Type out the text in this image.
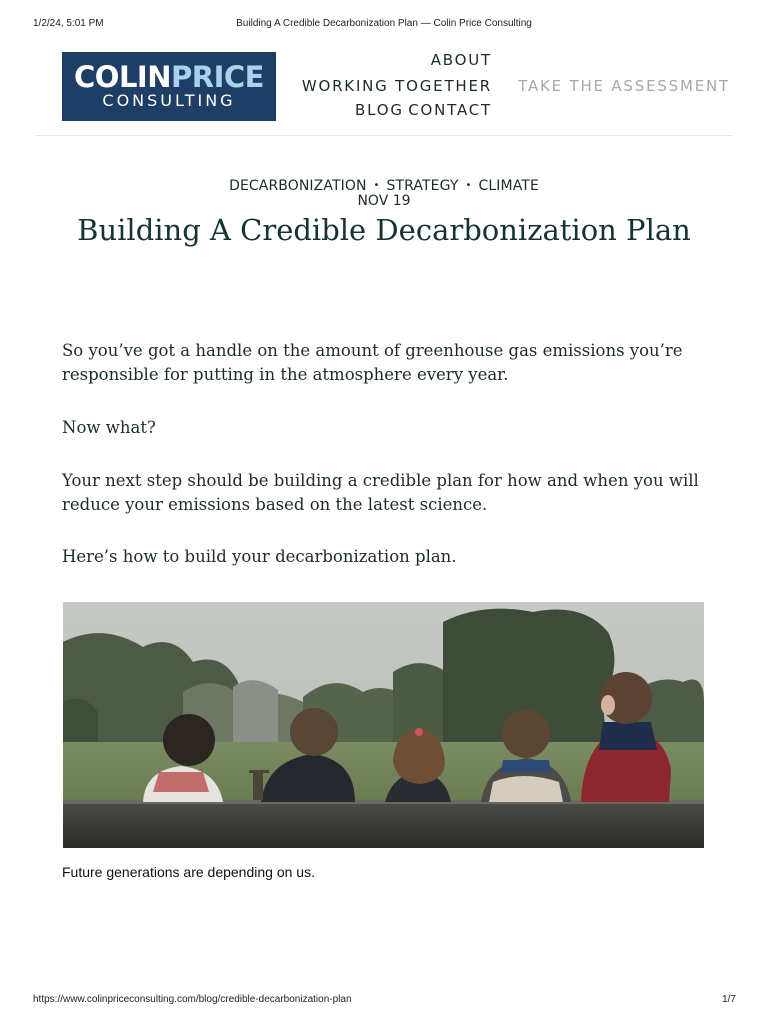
1/2/24, 5:01 PM	Building A Credible Decarbonization Plan — Colin Price Consulting
COLINPRICE
CONSULTING
ABOUT
WORKING TOGETHER
BLOG CONTACT
TAKE THE ASSESSMENT
DECARBONIZATION • STRATEGY • CLIMATE
NOV 19
Building A Credible Decarbonization Plan

So you’ve got a handle on the amount of greenhouse gas emissions you’re responsible for putting in the atmosphere every year.

Now what?

Your next step should be building a credible plan for how and when you will reduce your emissions based on the latest science.

Here’s how to build your decarbonization plan.

Future generations are depending on us.

https://www.colinpriceconsulting.com/blog/credible-decarbonization-plan	1/7
